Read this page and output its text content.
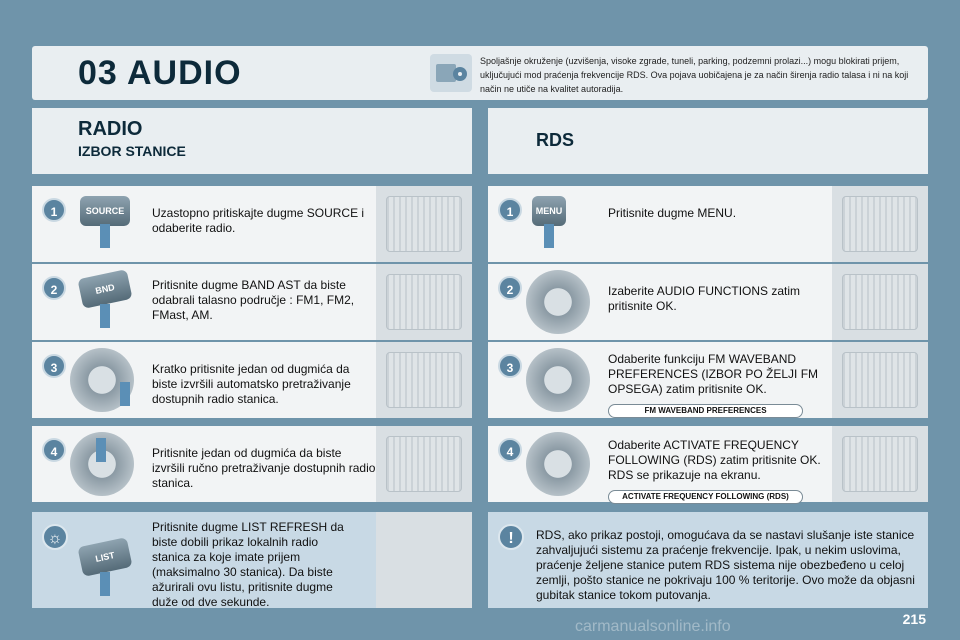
03 AUDIO	Spoljašnje okruženje (uzvišenja, visoke zgrade, tuneli, parking, podzemni prolazi...) mogu blokirati prijem, uključujući mod praćenja frekvencije RDS. Ova pojava uobičajena je za način širenja radio talasa i ni na koji način ne utiče na kvalitet autoradija.
RADIO
IZBOR STANICE
RDS
1	SOURCE	Uzastopno pritiskajte dugme SOURCE i odaberite radio.
2	BND	Pritisnite dugme BAND AST da biste odabrali talasno područje : FM1, FM2, FMast, AM.
3	Kratko pritisnite jedan od dugmića da biste izvršili automatsko pretraživanje dostupnih radio stanica.
4	Pritisnite jedan od dugmića da biste izvršili ručno pretraživanje dostupnih radio stanica.
☼
LIST
Pritisnite dugme LIST REFRESH da biste dobili prikaz lokalnih radio stanica za koje imate prijem (maksimalno 30 stanica). Da biste ažurirali ovu listu, pritisnite dugme duže od dve sekunde.
1	MENU	Pritisnite dugme MENU.
2	Izaberite AUDIO FUNCTIONS zatim pritisnite OK.
3
Odaberite funkciju FM WAVEBAND PREFERENCES (IZBOR PO ŽELJI FM OPSEGA) zatim pritisnite OK.
FM WAVEBAND PREFERENCES
4	Odaberite ACTIVATE FREQUENCY FOLLOWING (RDS) zatim pritisnite OK. RDS se prikazuje na ekranu.
ACTIVATE FREQUENCY FOLLOWING (RDS)
!	RDS, ako prikaz postoji, omogućava da se nastavi slušanje iste stanice zahvaljujući sistemu za praćenje frekvencije. Ipak, u nekim uslovima, praćenje željene stanice putem RDS sistema nije obezbeđeno u celoj zemlji, pošto stanice ne pokrivaju 100 % teritorije. Ovo može da objasni gubitak stanice tokom putovanja.
215
carmanualsonline.info
